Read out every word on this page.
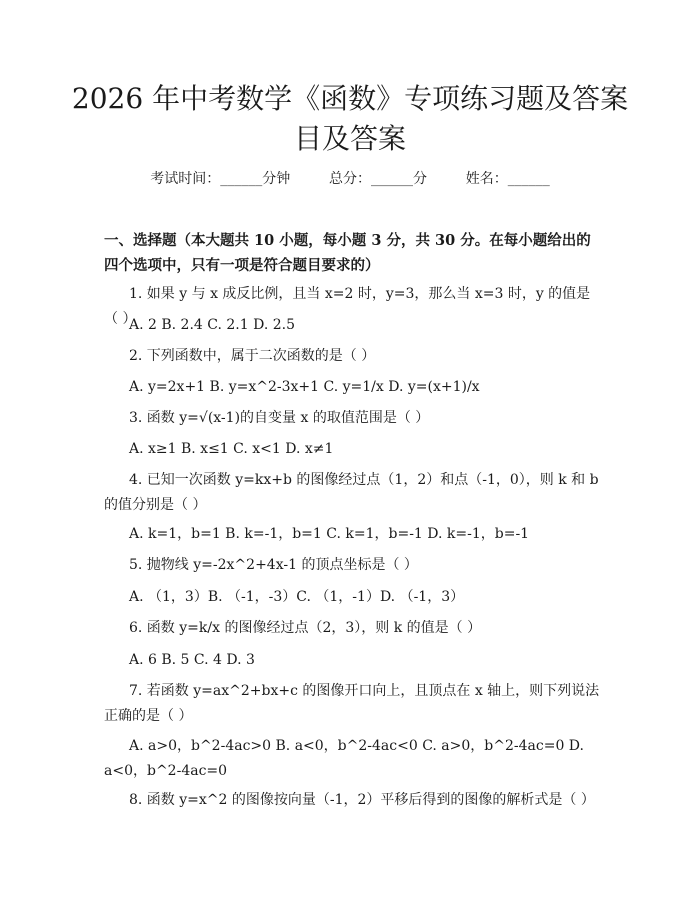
2026 年中考数学《函数》专项练习题及答案
目及答案
考试时间：______分钟	总分：______分	姓名：______
一、选择题（本大题共 10 小题，每小题 3 分，共 30 分。在每小题给出的四个选项中，只有一项是符合题目要求的）
1. 如果 y 与 x 成反比例，且当 x=2 时，y=3，那么当 x=3 时，y 的值是（ ）
A. 2 B. 2.4 C. 2.1 D. 2.5
2. 下列函数中，属于二次函数的是（ ）
A. y=2x+1 B. y=x^2-3x+1 C. y=1/x D. y=(x+1)/x
3. 函数 y=√(x-1)的自变量 x 的取值范围是（ ）
A. x≥1 B. x≤1 C. x<1 D. x≠1
4. 已知一次函数 y=kx+b 的图像经过点（1，2）和点（-1，0），则 k 和 b 的值分别是（ ）
A. k=1，b=1 B. k=-1，b=1 C. k=1，b=-1 D. k=-1，b=-1
5. 抛物线 y=-2x^2+4x-1 的顶点坐标是（ ）
A. （1，3）B. （-1，-3）C. （1，-1）D. （-1，3）
6. 函数 y=k/x 的图像经过点（2，3），则 k 的值是（ ）
A. 6 B. 5 C. 4 D. 3
7. 若函数 y=ax^2+bx+c 的图像开口向上，且顶点在 x 轴上，则下列说法正确的是（ ）
A. a>0，b^2-4ac>0 B. a<0，b^2-4ac<0 C. a>0，b^2-4ac=0 D. a<0，b^2-4ac=0
8. 函数 y=x^2 的图像按向量（-1，2）平移后得到的图像的解析式是（ ）
